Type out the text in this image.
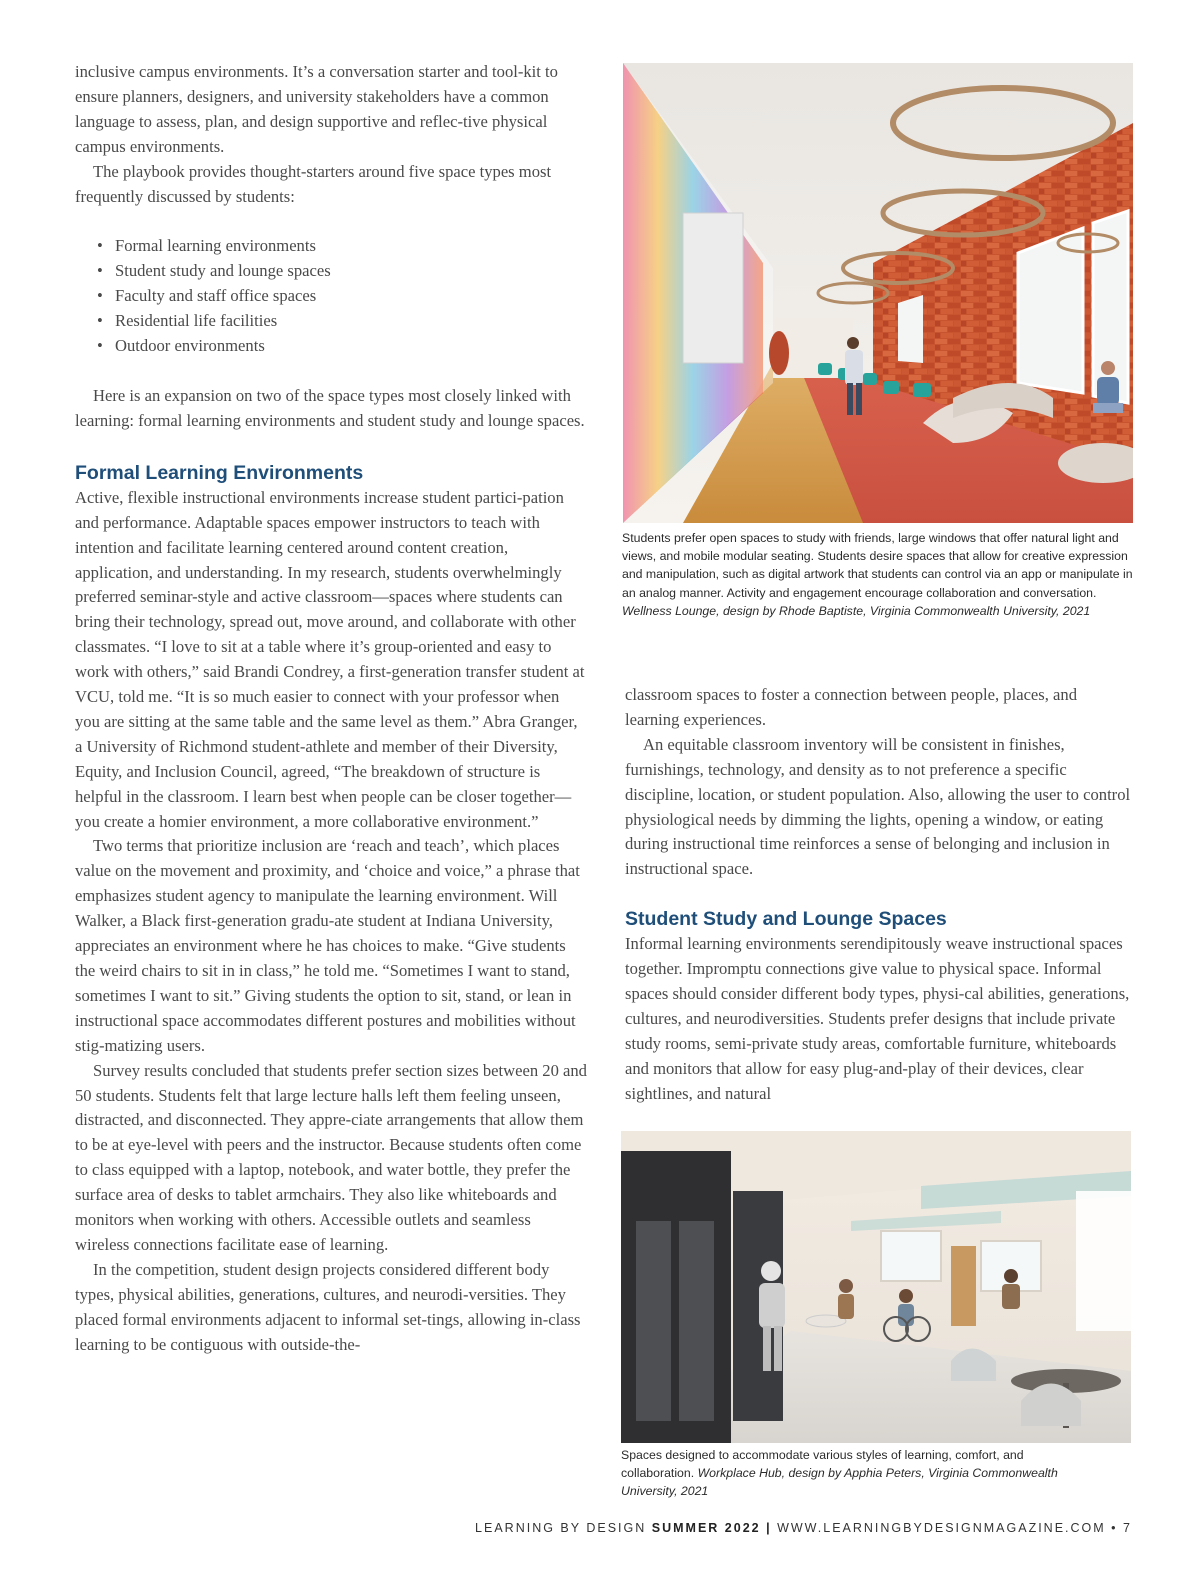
inclusive campus environments. It’s a conversation starter and tool-kit to ensure planners, designers, and university stakeholders have a common language to assess, plan, and design supportive and reflec-tive physical campus environments.

The playbook provides thought-starters around five space types most frequently discussed by students:

• Formal learning environments
• Student study and lounge spaces
• Faculty and staff office spaces
• Residential life facilities
• Outdoor environments

Here is an expansion on two of the space types most closely linked with learning: formal learning environments and student study and lounge spaces.

Formal Learning Environments

Active, flexible instructional environments increase student partici-pation and performance. Adaptable spaces empower instructors to teach with intention and facilitate learning centered around content creation, application, and understanding. In my research, students overwhelmingly preferred seminar-style and active classroom—spaces where students can bring their technology, spread out, move around, and collaborate with other classmates. “I love to sit at a table where it’s group-oriented and easy to work with others,” said Brandi Condrey, a first-generation transfer student at VCU, told me. “It is so much easier to connect with your professor when you are sitting at the same table and the same level as them.” Abra Granger, a University of Richmond student-athlete and member of their Diversity, Equity, and Inclusion Council, agreed, “The breakdown of structure is helpful in the classroom. I learn best when people can be closer together—you create a homier environment, a more collaborative environment.”

Two terms that prioritize inclusion are ‘reach and teach’, which places value on the movement and proximity, and ‘choice and voice,” a phrase that emphasizes student agency to manipulate the learning environment. Will Walker, a Black first-generation gradu-ate student at Indiana University, appreciates an environment where he has choices to make. “Give students the weird chairs to sit in in class,” he told me. “Sometimes I want to stand, sometimes I want to sit.” Giving students the option to sit, stand, or lean in instructional space accommodates different postures and mobilities without stig-matizing users.

Survey results concluded that students prefer section sizes between 20 and 50 students. Students felt that large lecture halls left them feeling unseen, distracted, and disconnected. They appre-ciate arrangements that allow them to be at eye-level with peers and the instructor. Because students often come to class equipped with a laptop, notebook, and water bottle, they prefer the surface area of desks to tablet armchairs. They also like whiteboards and monitors when working with others. Accessible outlets and seamless wireless connections facilitate ease of learning.

In the competition, student design projects considered different body types, physical abilities, generations, cultures, and neurodi-versities. They placed formal environments adjacent to informal set-tings, allowing in-class learning to be contiguous with outside-the-

Students prefer open spaces to study with friends, large windows that offer natural light and views, and mobile modular seating. Students desire spaces that allow for creative expression and manipulation, such as digital artwork that students can control via an app or manipulate in an analog manner. Activity and engagement encourage collaboration and conversation. Wellness Lounge, design by Rhode Baptiste, Virginia Commonwealth University, 2021

classroom spaces to foster a connection between people, places, and learning experiences.

An equitable classroom inventory will be consistent in finishes, furnishings, technology, and density as to not preference a specific discipline, location, or student population. Also, allowing the user to control physiological needs by dimming the lights, opening a window, or eating during instructional time reinforces a sense of belonging and inclusion in instructional space.

Student Study and Lounge Spaces

Informal learning environments serendipitously weave instructional spaces together. Impromptu connections give value to physical space. Informal spaces should consider different body types, physi-cal abilities, generations, cultures, and neurodiversities. Students prefer designs that include private study rooms, semi-private study areas, comfortable furniture, whiteboards and monitors that allow for easy plug-and-play of their devices, clear sightlines, and natural

Spaces designed to accommodate various styles of learning, comfort, and collaboration. Workplace Hub, design by Apphia Peters, Virginia Commonwealth University, 2021
LEARNING BY DESIGN SUMMER 2022 | WWW.LEARNINGBYDESIGNMAGAZINE.COM • 7
